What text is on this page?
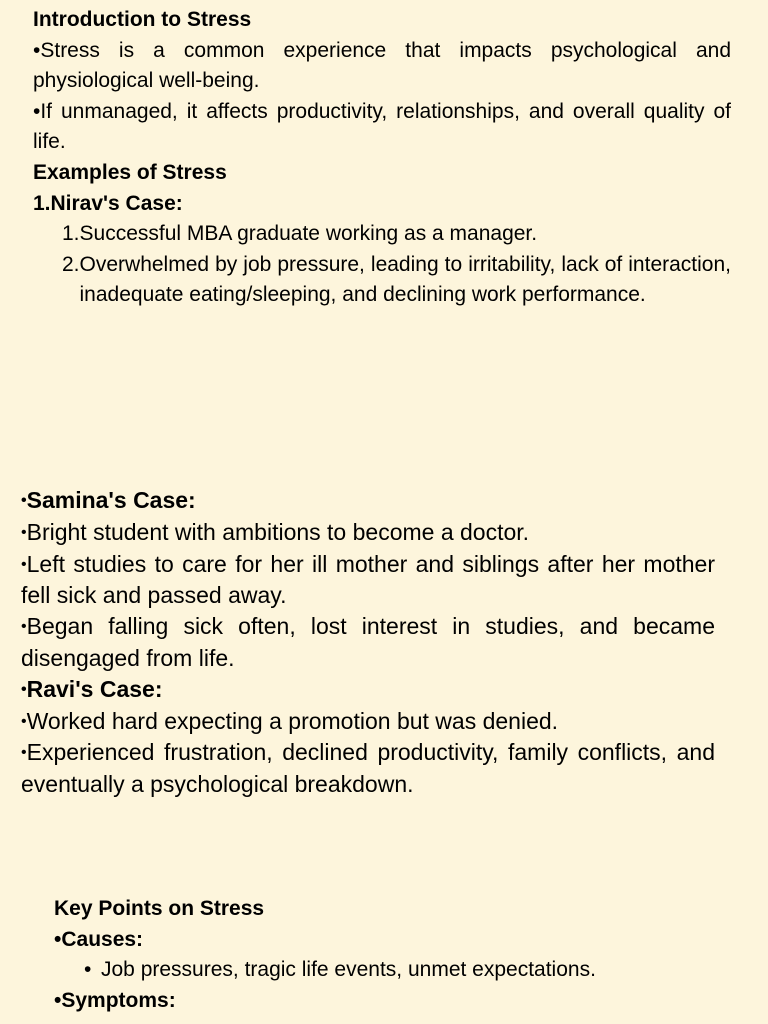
Introduction to Stress

•Stress is a common experience that impacts psychological and physiological well-being.

•If unmanaged, it affects productivity, relationships, and overall quality of life.

Examples of Stress

1.Nirav's Case:

1. Successful MBA graduate working as a manager.
2. Overwhelmed by job pressure, leading to irritability, lack of interaction, inadequate eating/sleeping, and declining work performance.

•Samina's Case:

•Bright student with ambitions to become a doctor.

•Left studies to care for her ill mother and siblings after her mother fell sick and passed away.

•Began falling sick often, lost interest in studies, and became disengaged from life.

•Ravi's Case:

•Worked hard expecting a promotion but was denied.

•Experienced frustration, declined productivity, family conflicts, and eventually a psychological breakdown.

Key Points on Stress

•Causes:

• Job pressures, tragic life events, unmet expectations.

•Symptoms:
